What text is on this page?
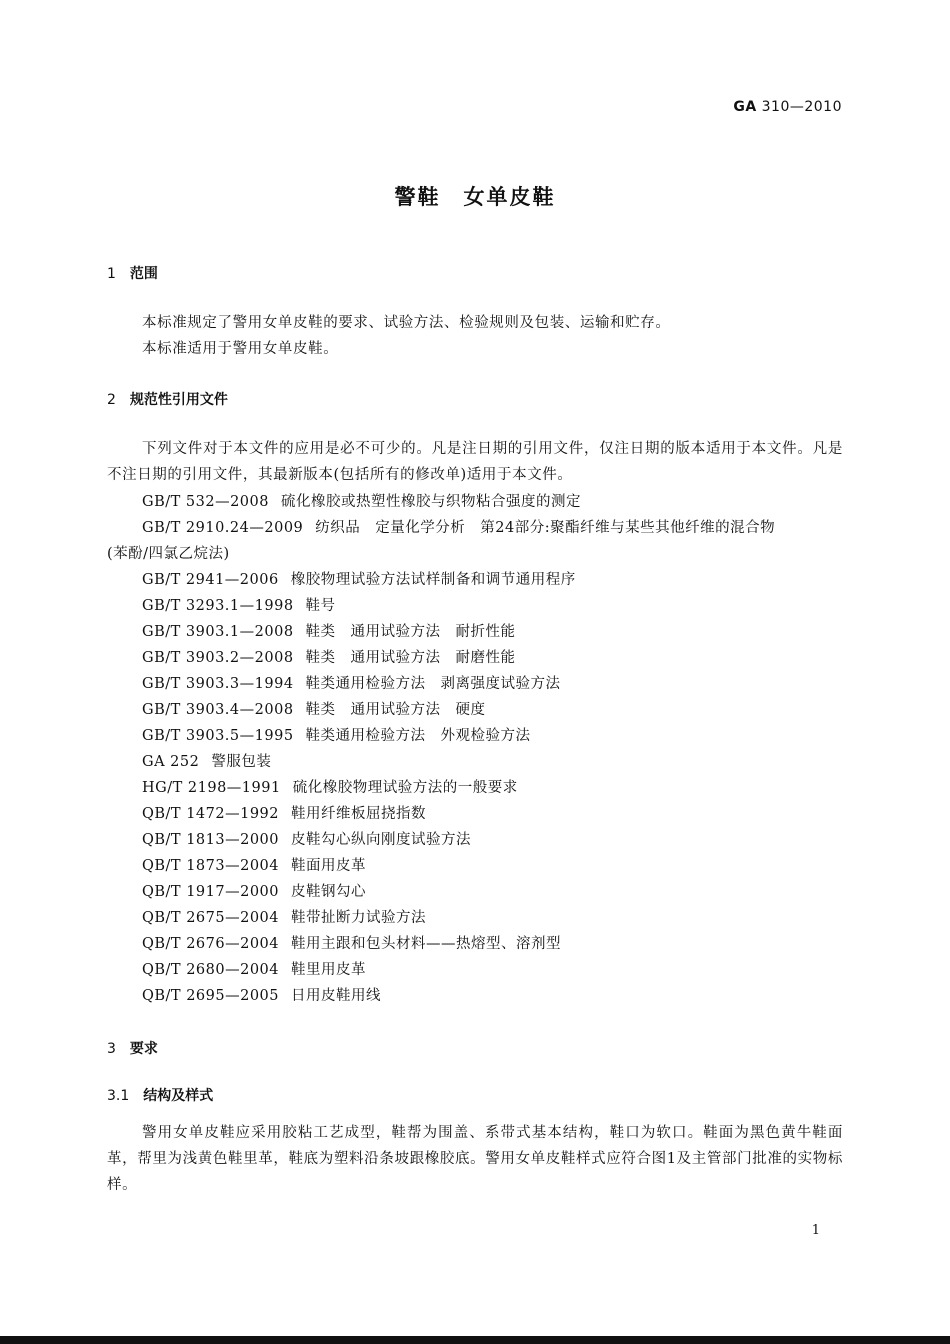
GA 310—2010
警鞋　女单皮鞋
1 范围
本标准规定了警用女单皮鞋的要求、试验方法、检验规则及包装、运输和贮存。
本标准适用于警用女单皮鞋。
2 规范性引用文件
下列文件对于本文件的应用是必不可少的。凡是注日期的引用文件，仅注日期的版本适用于本文件。凡是不注日期的引用文件，其最新版本(包括所有的修改单)适用于本文件。
GB/T 532—2008 硫化橡胶或热塑性橡胶与织物粘合强度的测定
GB/T 2910.24—2009 纺织品　定量化学分析　第24部分:聚酯纤维与某些其他纤维的混合物
(苯酚/四氯乙烷法)
GB/T 2941—2006 橡胶物理试验方法试样制备和调节通用程序
GB/T 3293.1—1998 鞋号
GB/T 3903.1—2008 鞋类　通用试验方法　耐折性能
GB/T 3903.2—2008 鞋类　通用试验方法　耐磨性能
GB/T 3903.3—1994 鞋类通用检验方法　剥离强度试验方法
GB/T 3903.4—2008 鞋类　通用试验方法　硬度
GB/T 3903.5—1995 鞋类通用检验方法　外观检验方法
GA 252 警服包装
HG/T 2198—1991 硫化橡胶物理试验方法的一般要求
QB/T 1472—1992 鞋用纤维板屈挠指数
QB/T 1813—2000 皮鞋勾心纵向刚度试验方法
QB/T 1873—2004 鞋面用皮革
QB/T 1917—2000 皮鞋钢勾心
QB/T 2675—2004 鞋带扯断力试验方法
QB/T 2676—2004 鞋用主跟和包头材料——热熔型、溶剂型
QB/T 2680—2004 鞋里用皮革
QB/T 2695—2005 日用皮鞋用线
3 要求
3.1 结构及样式
警用女单皮鞋应采用胶粘工艺成型，鞋帮为围盖、系带式基本结构，鞋口为软口。鞋面为黑色黄牛鞋面革，帮里为浅黄色鞋里革，鞋底为塑料沿条坡跟橡胶底。警用女单皮鞋样式应符合图1及主管部门批准的实物标样。
1
